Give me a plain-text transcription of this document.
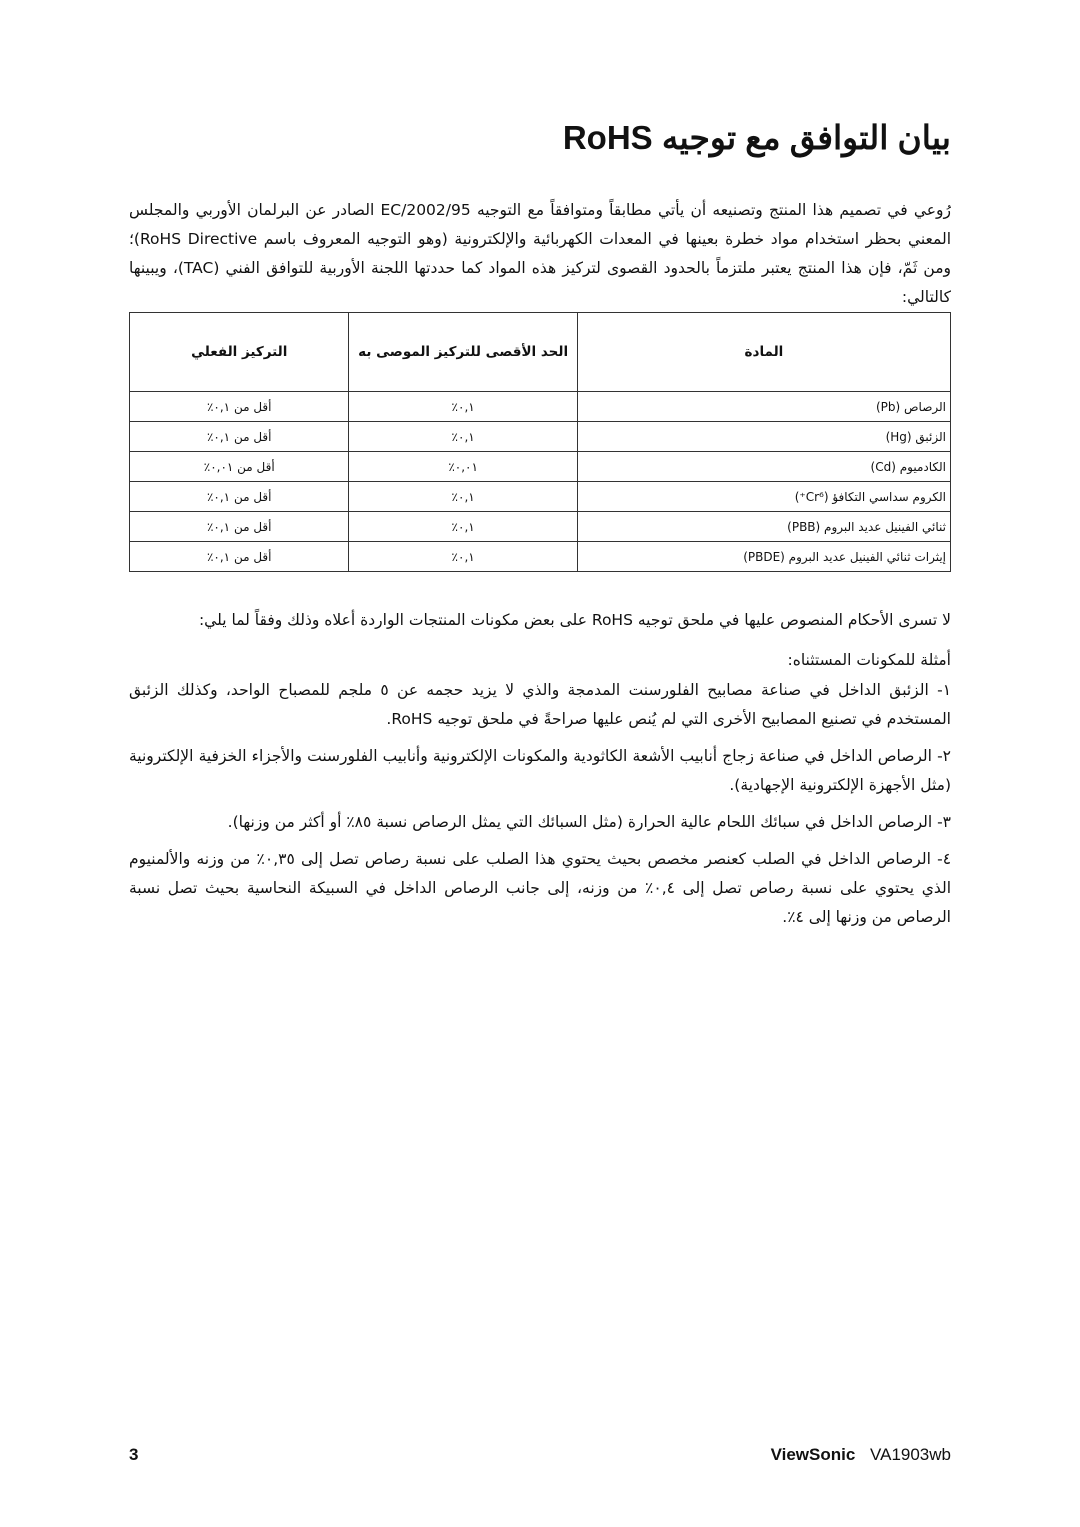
بيان التوافق مع توجيه RoHS

رُوعي في تصميم هذا المنتج وتصنيعه أن يأتي مطابقاً ومتوافقاً مع التوجيه 2002/95/EC الصادر عن البرلمان الأوربي والمجلس المعني بحظر استخدام مواد خطرة بعينها في المعدات الكهربائية والإلكترونية (وهو التوجيه المعروف باسم RoHS Directive)؛ ومن ثَمّ، فإن هذا المنتج يعتبر ملتزماً بالحدود القصوى لتركيز هذه المواد كما حددتها اللجنة الأوربية للتوافق الفني (TAC)، ويبينها كالتالي:

المادة	الحد الأقصى للتركيز الموصى به	التركيز الفعلي
الرصاص (Pb)	٠,١٪	أقل من ٠,١٪
الزئبق (Hg)	٠,١٪	أقل من ٠,١٪
الكادميوم (Cd)	٠,٠١٪	أقل من ٠,٠١٪
الكروم سداسي التكافؤ (Cr⁶⁺)	٠,١٪	أقل من ٠,١٪
ثنائي الفينيل عديد البروم (PBB)	٠,١٪	أقل من ٠,١٪
إيثرات ثنائي الفينيل عديد البروم (PBDE)	٠,١٪	أقل من ٠,١٪

لا تسرى الأحكام المنصوص عليها في ملحق توجيه RoHS على بعض مكونات المنتجات الواردة أعلاه وذلك وفقاً لما يلي:

أمثلة للمكونات المستثناه:

١- الزئبق الداخل في صناعة مصابيح الفلورسنت المدمجة والذي لا يزيد حجمه عن ٥ ملجم للمصباح الواحد، وكذلك الزئبق المستخدم في تصنيع المصابيح الأخرى التي لم يُنص عليها صراحةً في ملحق توجيه RoHS.
٢- الرصاص الداخل في صناعة زجاج أنابيب الأشعة الكاثودية والمكونات الإلكترونية وأنابيب الفلورسنت والأجزاء الخزفية الإلكترونية (مثل الأجهزة الإلكترونية الإجهادية).
٣- الرصاص الداخل في سبائك اللحام عالية الحرارة (مثل السبائك التي يمثل الرصاص نسبة ٨٥٪ أو أكثر من وزنها).
٤- الرصاص الداخل في الصلب كعنصر مخصص بحيث يحتوي هذا الصلب على نسبة رصاص تصل إلى ٠,٣٥٪ من وزنه والألمنيوم الذي يحتوي على نسبة رصاص تصل إلى ٠,٤٪ من وزنه، إلى جانب الرصاص الداخل في السبيكة النحاسية بحيث تصل نسبة الرصاص من وزنها إلى ٤٪.
3	ViewSonic VA1903wb
